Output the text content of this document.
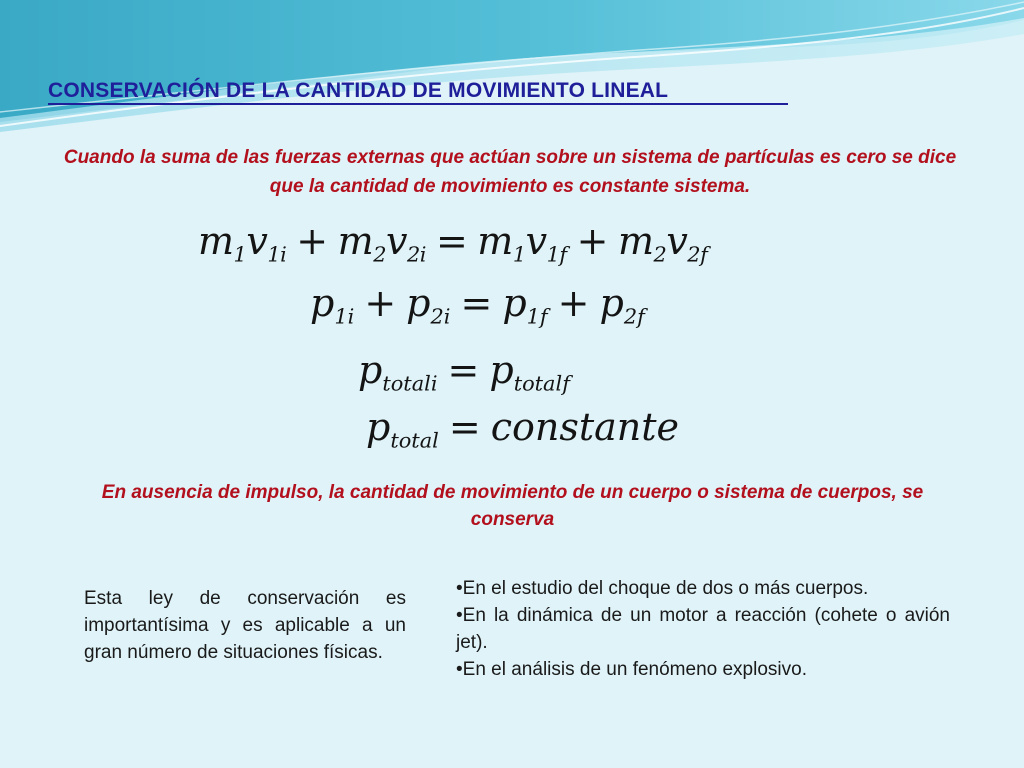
CONSERVACIÓN DE LA CANTIDAD DE MOVIMIENTO LINEAL
Cuando la suma de las fuerzas externas que actúan sobre un sistema de partículas es cero se dice que la cantidad de movimiento es constante sistema.
$m_1v_{1i} + m_2v_{2i} = m_1v_{1f} + m_2v_{2f}$
$p_{1i} + p_{2i} = p_{1f} + p_{2f}$
$p_{totali} = p_{totalf}$
$p_{total}$ = constante
En ausencia de impulso, la cantidad de movimiento de un cuerpo o sistema de cuerpos, se conserva
Esta ley de conservación es importantísima y es aplicable a un gran número de situaciones físicas.
•En el estudio del choque de dos o más cuerpos.
•En la dinámica de un motor a reacción (cohete o avión jet).
•En el análisis de un fenómeno explosivo.
